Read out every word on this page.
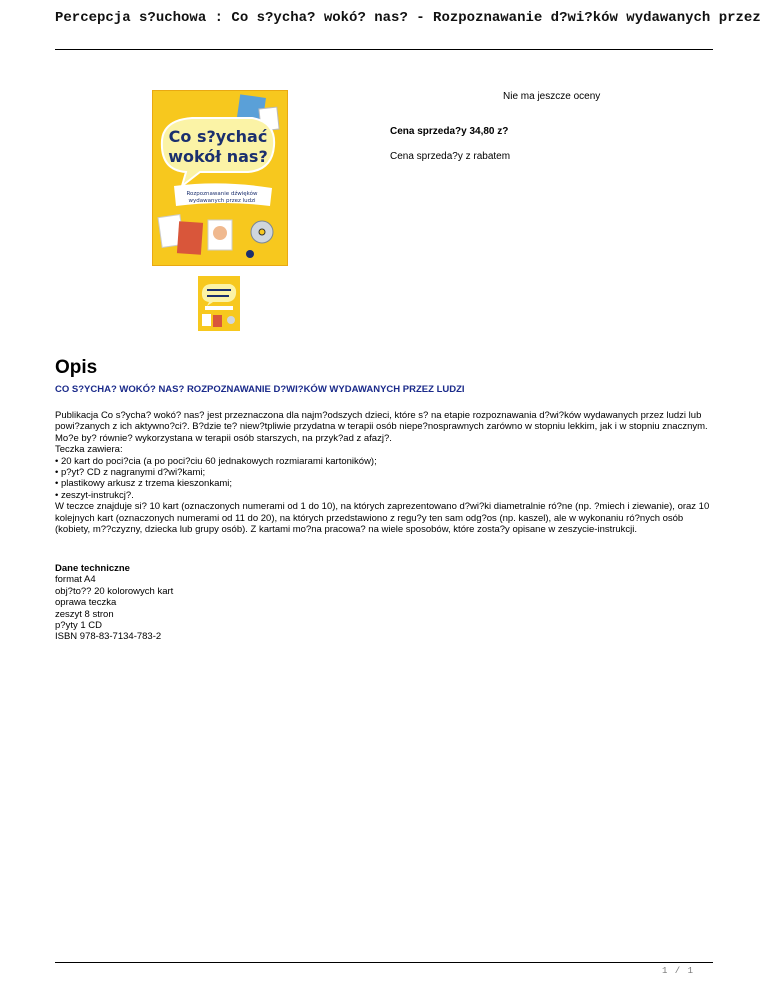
Percepcja s?uchowa : Co s?ycha? wokó? nas? - Rozpoznawanie d?wi?ków wydawanych przez
Co s?ychać
wokół nas?
Rozpoznawanie dźwięków
wydawanych przez ludzi
Nie ma jeszcze oceny
Cena sprzeda?y 34,80 z?
Cena sprzeda?y z rabatem
Opis
CO S?YCHA? WOKÓ? NAS? ROZPOZNAWANIE D?WI?KÓW WYDAWANYCH PRZEZ LUDZI

Publikacja Co s?ycha? wokó? nas? jest przeznaczona dla najm?odszych dzieci, które s? na etapie rozpoznawania d?wi?ków wydawanych przez ludzi lub powi?zanych z ich aktywno?ci?. B?dzie te? niew?tpliwie przydatna w terapii osób niepe?nosprawnych zarówno w stopniu lekkim, jak i w stopniu znacznym. Mo?e by? równie? wykorzystana w terapii osób starszych, na przyk?ad z afazj?.

Teczka zawiera:

• 20 kart do poci?cia (a po poci?ciu 60 jednakowych rozmiarami kartoników);

• p?yt? CD z nagranymi d?wi?kami;

• plastikowy arkusz z trzema kieszonkami;

• zeszyt-instrukcj?.

W teczce znajduje si? 10 kart (oznaczonych numerami od 1 do 10), na których zaprezentowano d?wi?ki diametralnie ró?ne (np. ?miech i ziewanie), oraz 10 kolejnych kart (oznaczonych numerami od 11 do 20), na których przedstawiono z regu?y ten sam odg?os (np. kaszel), ale w wykonaniu ró?nych osób (kobiety, m??czyzny, dziecka lub grupy osób). Z kartami mo?na pracowa? na wiele sposobów, które zosta?y opisane w zeszycie-instrukcji.

Dane techniczne
format A4
obj?to?? 20 kolorowych kart
oprawa teczka
zeszyt 8 stron
p?yty 1 CD
ISBN 978-83-7134-783-2
1 / 1
